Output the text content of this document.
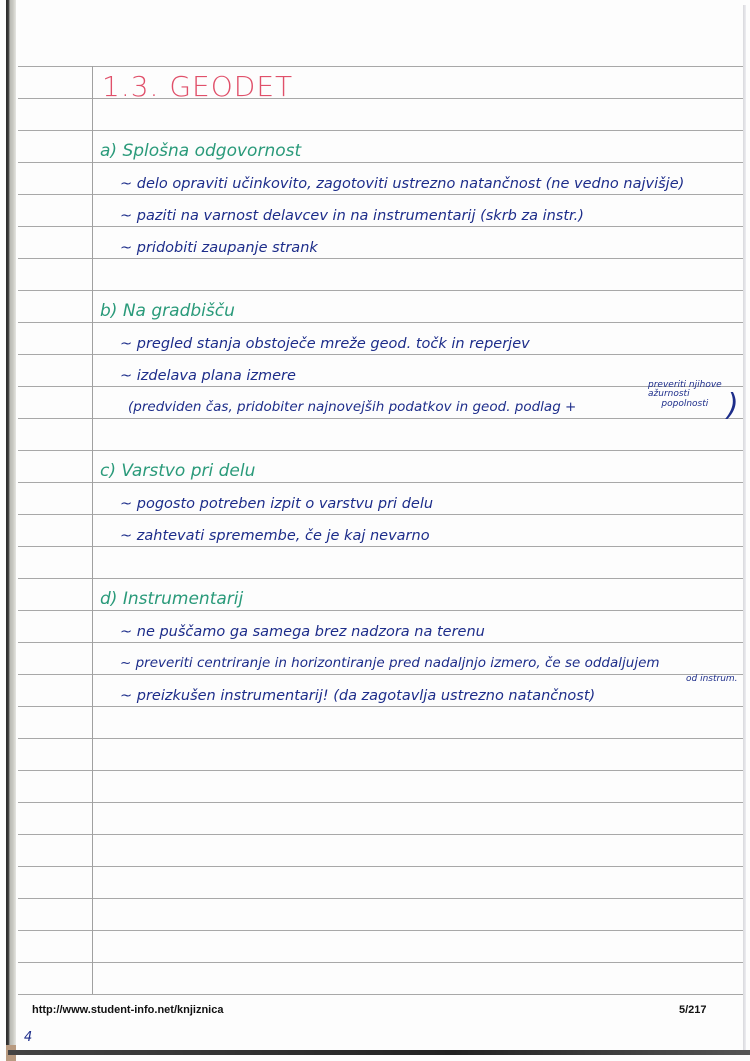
1.3. GEODET
a) Splošna odgovornost
~ delo opraviti učinkovito, zagotoviti ustrezno natančnost (ne vedno najvišje)
~ paziti na varnost delavcev in na instrumentarij (skrb za instr.)
~ pridobiti zaupanje strank
b) Na gradbišču
~ pregled stanja obstoječe mreže geod. točk in reperjev
~ izdelava plana izmere
(predviden čas, pridobiter najnovejših podatkov in geod. podlag +
preveriti njihove
ažurnosti
popolnosti )
c) Varstvo pri delu
~ pogosto potreben izpit o varstvu pri delu
~ zahtevati spremembe, če je kaj nevarno
d) Instrumentarij
~ ne puščamo ga samega brez nadzora na terenu
~ preveriti centriranje in horizontiranje pred nadaljnjo izmero, če se oddaljujem
od instrum.
~ preizkušen instrumentarij! (da zagotavlja ustrezno natančnost)
http://www.student-info.net/knjiznica	5/217
4
